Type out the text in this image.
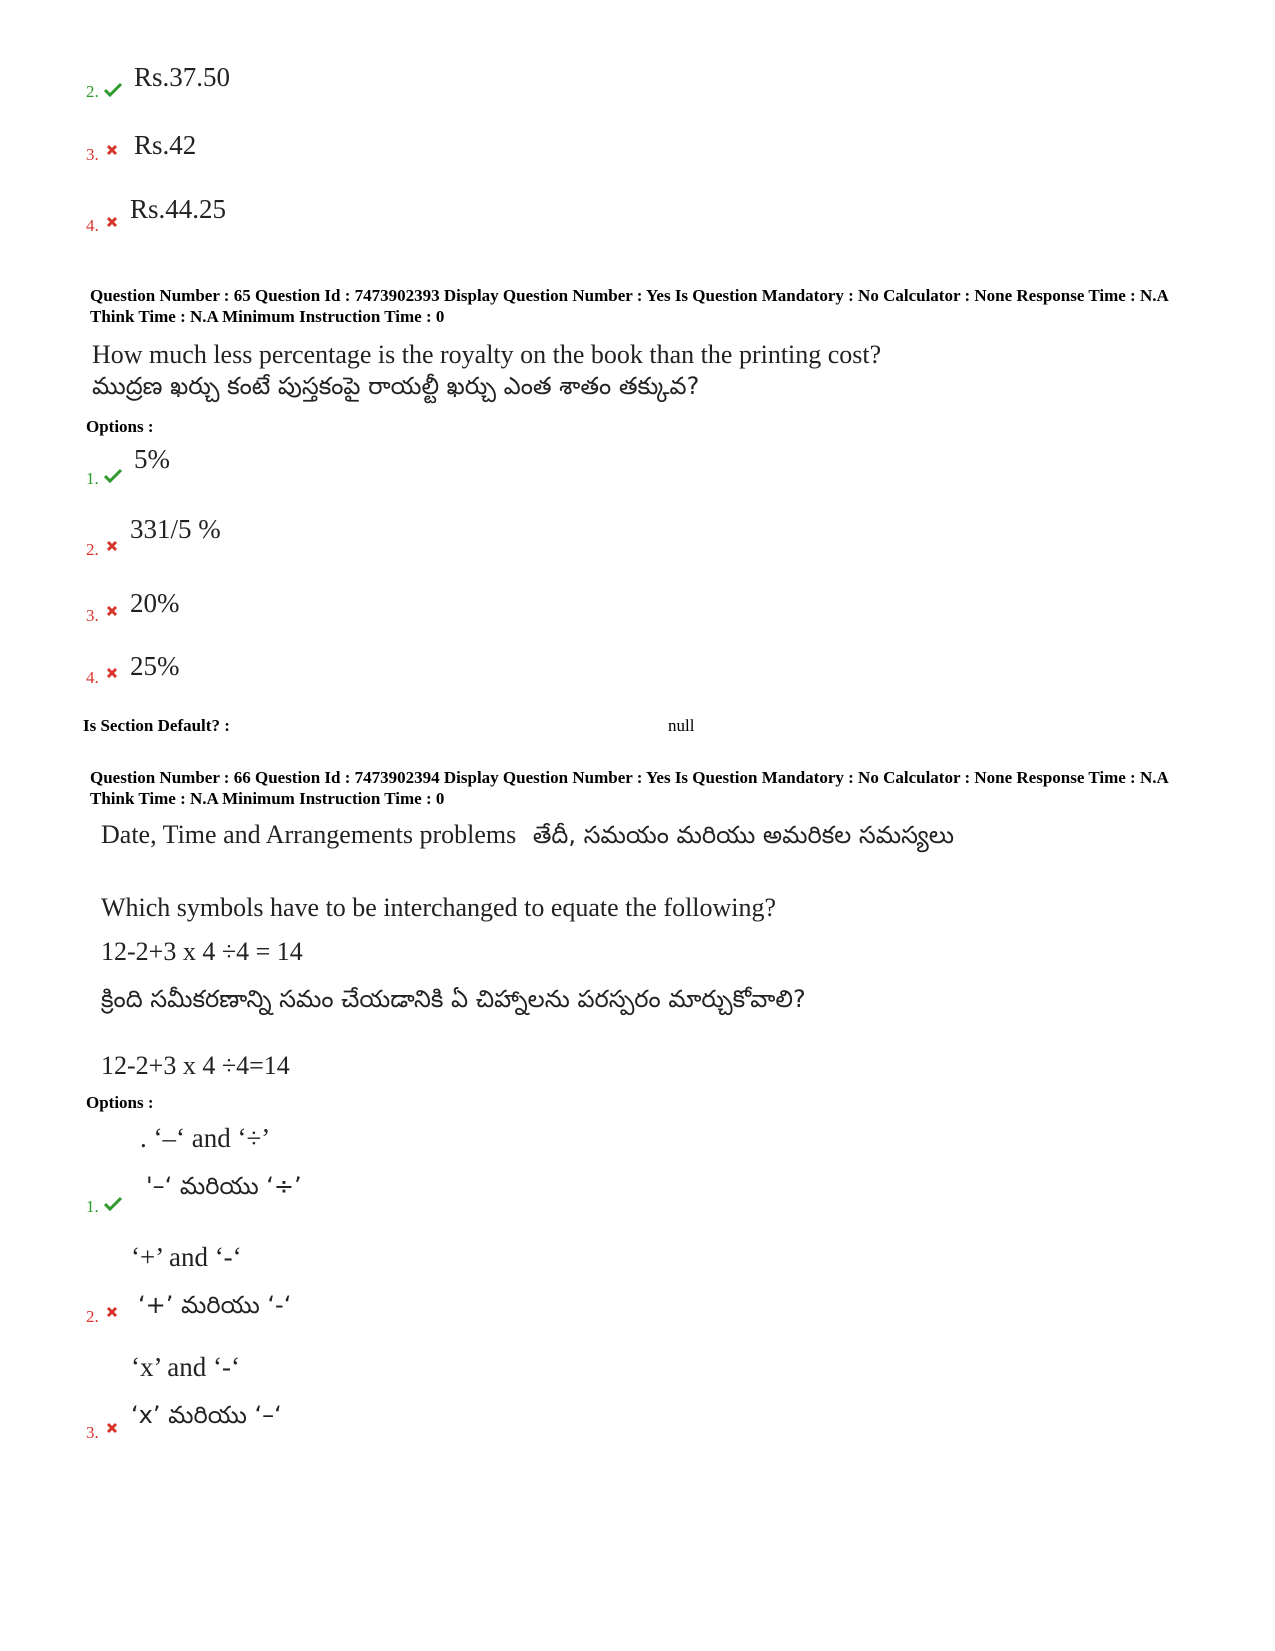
2. Rs.37.50
3. Rs.42
4.
Rs.44.25
Question Number : 65 Question Id : 7473902393 Display Question Number : Yes Is Question Mandatory : No Calculator : None Response Time : N.A Think Time : N.A Minimum Instruction Time : 0
How much less percentage is the royalty on the book than the printing cost?
ముద్రణ ఖర్చు కంటే పుస్తకంపై రాయల్టీ ఖర్చు ఎంత శాతం తక్కువ?
Options :
1.
5%
2.
331/5 %
3. 20%
4. 25%
Is Section Default? :	null
Question Number : 66 Question Id : 7473902394 Display Question Number : Yes Is Question Mandatory : No Calculator : None Response Time : N.A Think Time : N.A Minimum Instruction Time : 0
Date, Time and Arrangements problems తేదీ, సమయం మరియు అమరికల సమస్యలు
Which symbols have to be interchanged to equate the following?
12-2+3 x 4 ÷4 = 14
క్రింది సమీకరణాన్ని సమం చేయడానికి ఏ చిహ్నాలను పరస్పరం మార్చుకోవాలి?
12-2+3 x 4 ÷4=14
Options :
. ‘–‘ and ‘÷’
'–‘ మరియు ‘÷’
1.
‘+’ and ‘-‘
‘+’ మరియు ‘-‘
2.
‘x’ and ‘-‘
‘x’ మరియు ‘–‘
3.
